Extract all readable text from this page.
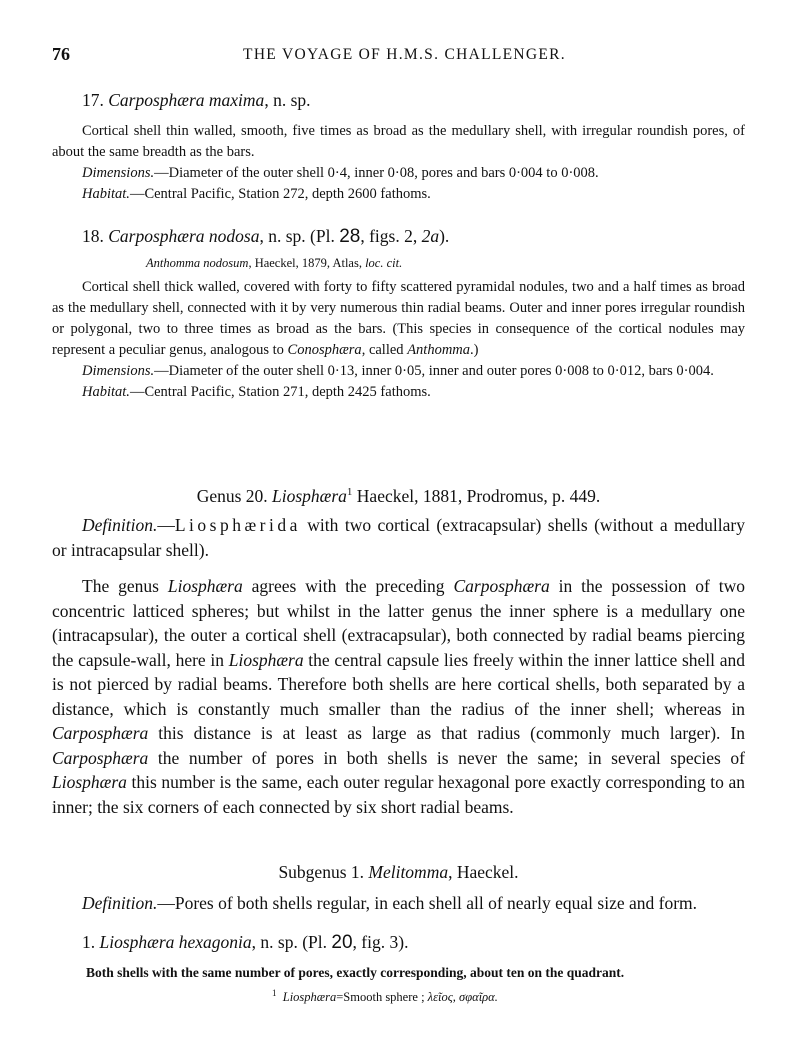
76	THE VOYAGE OF H.M.S. CHALLENGER.
17. Carposphæra maxima, n. sp.
Cortical shell thin walled, smooth, five times as broad as the medullary shell, with irregular roundish pores, of about the same breadth as the bars.
Dimensions.—Diameter of the outer shell 0·4, inner 0·08, pores and bars 0·004 to 0·008.
Habitat.—Central Pacific, Station 272, depth 2600 fathoms.
18. Carposphæra nodosa, n. sp. (Pl. 28, figs. 2, 2a).
Anthomma nodosum, Haeckel, 1879, Atlas, loc. cit.
Cortical shell thick walled, covered with forty to fifty scattered pyramidal nodules, two and a half times as broad as the medullary shell, connected with it by very numerous thin radial beams. Outer and inner pores irregular roundish or polygonal, two to three times as broad as the bars. (This species in consequence of the cortical nodules may represent a peculiar genus, analogous to Conosphæra, called Anthomma.)
Dimensions.—Diameter of the outer shell 0·13, inner 0·05, inner and outer pores 0·008 to 0·012, bars 0·004.
Habitat.—Central Pacific, Station 271, depth 2425 fathoms.
Genus 20. Liosphæra$^1$ Haeckel, 1881, Prodromus, p. 449.
Definition.—Liosphærida with two cortical (extracapsular) shells (without a medullary or intracapsular shell).
The genus Liosphæra agrees with the preceding Carposphæra in the possession of two concentric latticed spheres; but whilst in the latter genus the inner sphere is a medullary one (intracapsular), the outer a cortical shell (extracapsular), both connected by radial beams piercing the capsule-wall, here in Liosphæra the central capsule lies freely within the inner lattice shell and is not pierced by radial beams. Therefore both shells are here cortical shells, both separated by a distance, which is constantly much smaller than the radius of the inner shell; whereas in Carposphæra this distance is at least as large as that radius (commonly much larger). In Carposphæra the number of pores in both shells is never the same; in several species of Liosphæra this number is the same, each outer regular hexagonal pore exactly corresponding to an inner; the six corners of each connected by six short radial beams.
Subgenus 1. Melitomma, Haeckel.
Definition.—Pores of both shells regular, in each shell all of nearly equal size and form.
1. Liosphæra hexagonia, n. sp. (Pl. 20, fig. 3).
Both shells with the same number of pores, exactly corresponding, about ten on the quadrant.
$^1$ Liosphæra=Smooth sphere ; λεῖος, σφαῖρα.
